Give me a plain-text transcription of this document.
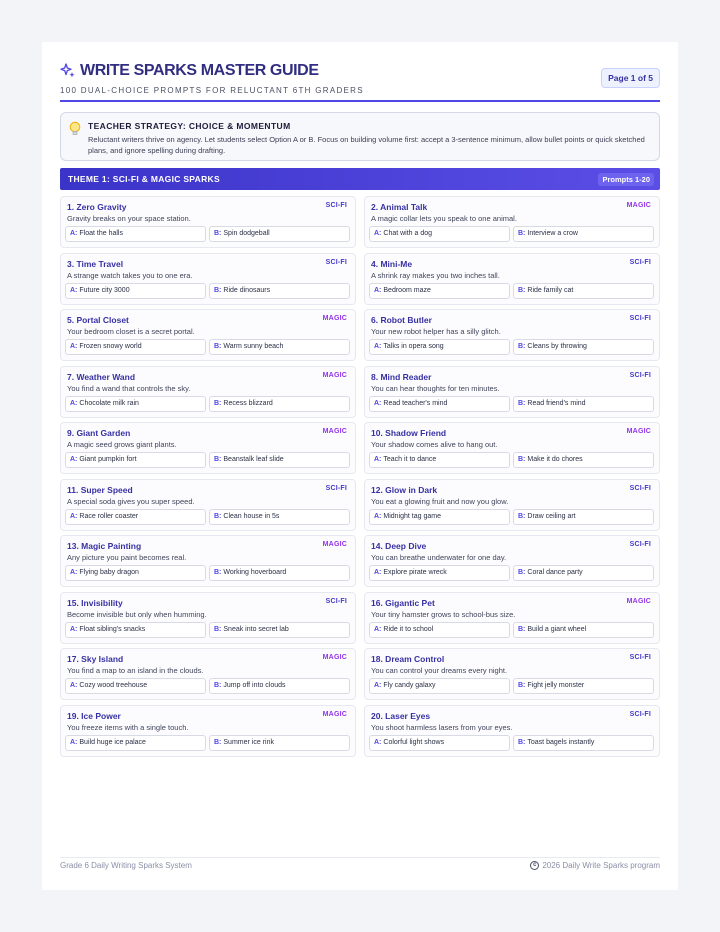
WRITE SPARKS MASTER GUIDE
100 DUAL-CHOICE PROMPTS FOR RELUCTANT 6TH GRADERS
Page 1 of 5
TEACHER STRATEGY: CHOICE & MOMENTUM
Reluctant writers thrive on agency. Let students select Option A or B. Focus on building volume first: accept a 3-sentence minimum, allow bullet points or quick sketched plans, and ignore spelling during drafting.
THEME 1: SCI-FI & MAGIC SPARKS	Prompts 1-20
1. Zero Gravity	SCI-FI
Gravity breaks on your space station.
A: Float the halls	B: Spin dodgeball
2. Animal Talk	MAGIC
A magic collar lets you speak to one animal.
A: Chat with a dog	B: Interview a crow
3. Time Travel	SCI-FI
A strange watch takes you to one era.
A: Future city 3000	B: Ride dinosaurs
4. Mini-Me	SCI-FI
A shrink ray makes you two inches tall.
A: Bedroom maze	B: Ride family cat
5. Portal Closet	MAGIC
Your bedroom closet is a secret portal.
A: Frozen snowy world	B: Warm sunny beach
6. Robot Butler	SCI-FI
Your new robot helper has a silly glitch.
A: Talks in opera song	B: Cleans by throwing
7. Weather Wand	MAGIC
You find a wand that controls the sky.
A: Chocolate milk rain	B: Recess blizzard
8. Mind Reader	SCI-FI
You can hear thoughts for ten minutes.
A: Read teacher's mind	B: Read friend's mind
9. Giant Garden	MAGIC
A magic seed grows giant plants.
A: Giant pumpkin fort	B: Beanstalk leaf slide
10. Shadow Friend	MAGIC
Your shadow comes alive to hang out.
A: Teach it to dance	B: Make it do chores
11. Super Speed	SCI-FI
A special soda gives you super speed.
A: Race roller coaster	B: Clean house in 5s
12. Glow in Dark	SCI-FI
You eat a glowing fruit and now you glow.
A: Midnight tag game	B: Draw ceiling art
13. Magic Painting	MAGIC
Any picture you paint becomes real.
A: Flying baby dragon	B: Working hoverboard
14. Deep Dive	SCI-FI
You can breathe underwater for one day.
A: Explore pirate wreck	B: Coral dance party
15. Invisibility	SCI-FI
Become invisible but only when humming.
A: Float sibling's snacks	B: Sneak into secret lab
16. Gigantic Pet	MAGIC
Your tiny hamster grows to school-bus size.
A: Ride it to school	B: Build a giant wheel
17. Sky Island	MAGIC
You find a map to an island in the clouds.
A: Cozy wood treehouse	B: Jump off into clouds
18. Dream Control	SCI-FI
You can control your dreams every night.
A: Fly candy galaxy	B: Fight jelly monster
19. Ice Power	MAGIC
You freeze items with a single touch.
A: Build huge ice palace	B: Summer ice rink
20. Laser Eyes	SCI-FI
You shoot harmless lasers from your eyes.
A: Colorful light shows	B: Toast bagels instantly
Grade 6 Daily Writing Sparks System	c 2026 Daily Write Sparks program
